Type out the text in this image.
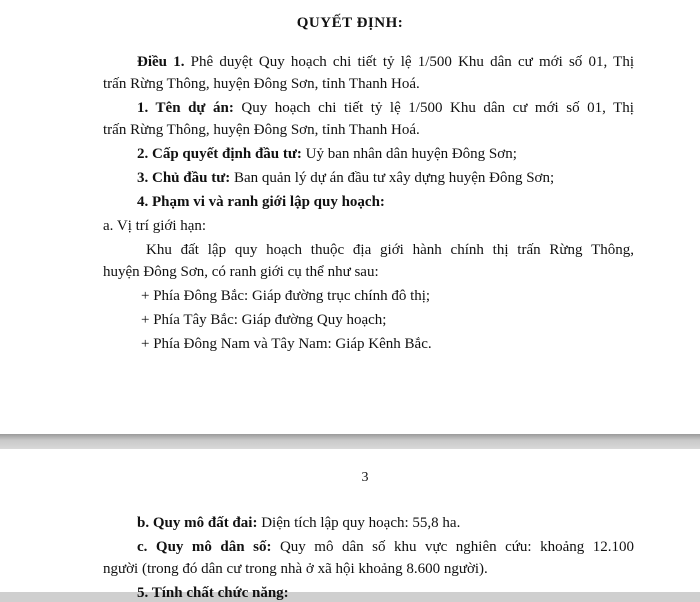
QUYẾT ĐỊNH:
Điều 1. Phê duyệt Quy hoạch chi tiết tỷ lệ 1/500 Khu dân cư mới số 01, Thị
trấn Rừng Thông, huyện Đông Sơn, tỉnh Thanh Hoá.
1. Tên dự án: Quy hoạch chi tiết tỷ lệ 1/500 Khu dân cư mới số 01, Thị
trấn Rừng Thông, huyện Đông Sơn, tỉnh Thanh Hoá.
2. Cấp quyết định đầu tư: Uỷ ban nhân dân huyện Đông Sơn;
3. Chủ đầu tư: Ban quản lý dự án đầu tư xây dựng huyện Đông Sơn;
4. Phạm vi và ranh giới lập quy hoạch:
a. Vị trí giới hạn:
Khu đất lập quy hoạch thuộc địa giới hành chính thị trấn Rừng Thông,
huyện Đông Sơn, có ranh giới cụ thể như sau:
+ Phía Đông Bắc: Giáp đường trục chính đô thị;
+ Phía Tây Bắc: Giáp đường Quy hoạch;
+ Phía Đông Nam và Tây Nam: Giáp Kênh Bắc.
3
b. Quy mô đất đai: Diện tích lập quy hoạch: 55,8 ha.
c. Quy mô dân số: Quy mô dân số khu vực nghiên cứu: khoảng 12.100
người (trong đó dân cư trong nhà ở xã hội khoảng 8.600 người).
5. Tính chất chức năng:
